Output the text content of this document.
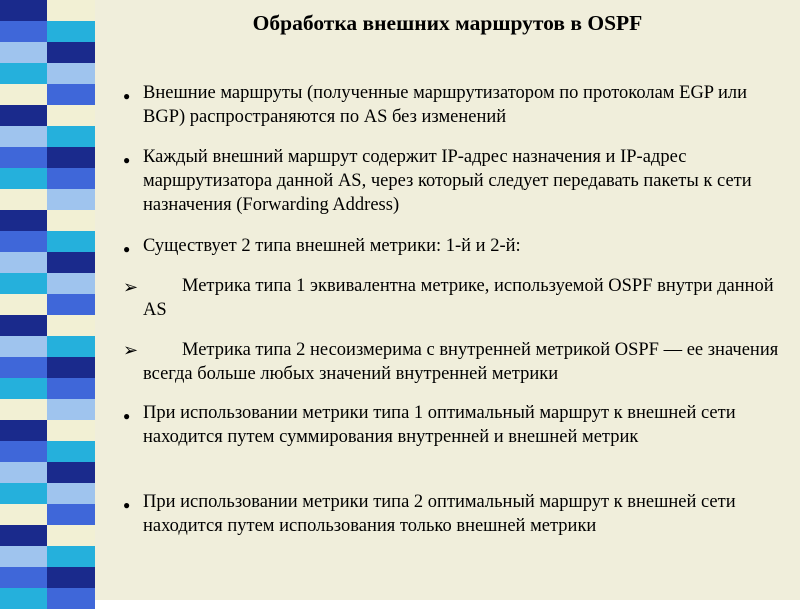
Обработка внешних маршрутов в OSPF
● Внешние маршруты (полученные маршрутизатором по протоколам EGP или BGP) распространяются по AS без изменений
● Каждый внешний маршрут содержит IP-адрес назначения и IP-адрес маршрутизатора данной AS, через который следует передавать пакеты к сети назначения (Forwarding Address)
● Существует 2 типа внешней метрики: 1-й и 2-й:
➢	Метрика типа 1 эквивалентна метрике, используемой OSPF внутри данной AS
➢	Метрика типа 2 несоизмерима с внутренней метрикой OSPF — ее значения всегда больше любых значений внутренней метрики
● При использовании метрики типа 1 оптимальный маршрут к внешней сети находится путем суммирования внутренней и внешней метрик
● При использовании метрики типа 2 оптимальный маршрут к внешней сети находится путем использования только внешней метрики
